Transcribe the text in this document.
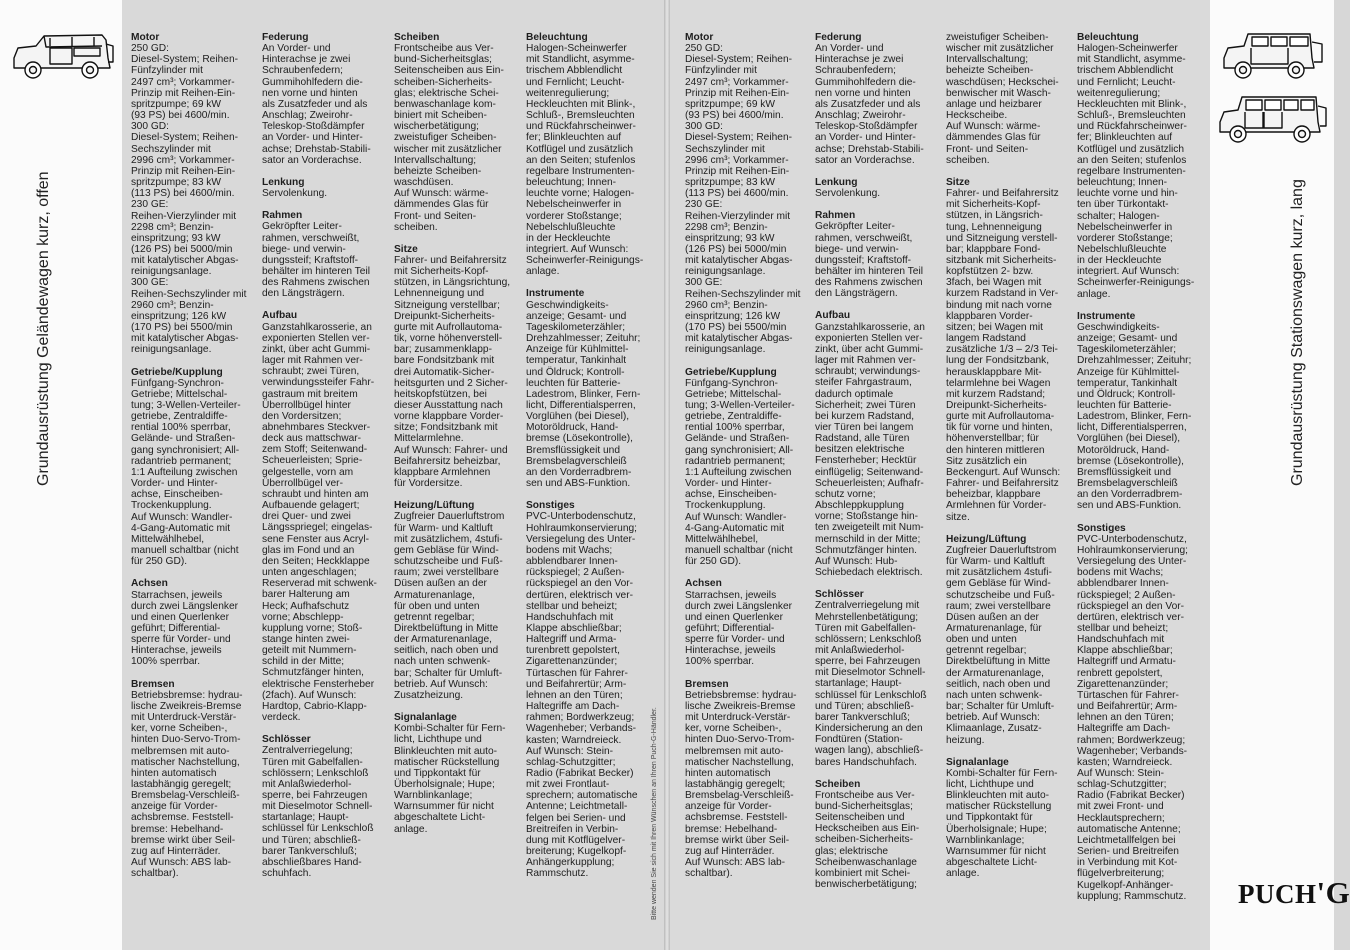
Grundausrüstung Geländewagen kurz, offen	Grundausrüstung Stationswagen kurz, lang
Bitte wenden Sie sich mit Ihren Wünschen an Ihren Puch-G-Händler.
Motor
250 GD:
Diesel-System; Reihen-
Fünfzylinder mit
2497 cm³; Vorkammer-
Prinzip mit Reihen-Ein-
spritzpumpe; 69 kW
(93 PS) bei 4600/min.
300 GD:
Diesel-System; Reihen-
Sechszylinder mit
2996 cm³; Vorkammer-
Prinzip mit Reihen-Ein-
spritzpumpe; 83 kW
(113 PS) bei 4600/min.
230 GE:
Reihen-Vierzylinder mit
2298 cm³; Benzin-
einspritzung; 93 kW
(126 PS) bei 5000/min
mit katalytischer Abgas-
reinigungsanlage.
300 GE:
Reihen-Sechszylinder mit
2960 cm³; Benzin-
einspritzung; 126 kW
(170 PS) bei 5500/min
mit katalytischer Abgas-
reinigungsanlage.
Getriebe/Kupplung
Fünfgang-Synchron-
Getriebe; Mittelschal-
tung; 3-Wellen-Verteiler-
getriebe, Zentraldiffe-
rential 100% sperrbar,
Gelände- und Straßen-
gang synchronisiert; All-
radantrieb permanent;
1:1 Aufteilung zwischen
Vorder- und Hinter-
achse, Einscheiben-
Trockenkupplung.
Auf Wunsch: Wandler-
4-Gang-Automatic mit
Mittelwählhebel,
manuell schaltbar (nicht
für 250 GD).
Achsen
Starrachsen, jeweils
durch zwei Längslenker
und einen Querlenker
geführt; Differential-
sperre für Vorder- und
Hinterachse, jeweils
100% sperrbar.
Bremsen
Betriebsbremse: hydrau-
lische Zweikreis-Bremse
mit Unterdruck-Verstär-
ker, vorne Scheiben-,
hinten Duo-Servo-Trom-
melbremsen mit auto-
matischer Nachstellung,
hinten automatisch
lastabhängig geregelt;
Bremsbelag-Verschleiß-
anzeige für Vorder-
achsbremse. Feststell-
bremse: Hebelhand-
bremse wirkt über Seil-
zug auf Hinterräder.
Auf Wunsch: ABS lab-
schaltbar).
Federung
An Vorder- und
Hinterachse je zwei
Schraubenfedern;
Gummihohlfedern die-
nen vorne und hinten
als Zusatzfeder und als
Anschlag; Zweirohr-
Teleskop-Stoßdämpfer
an Vorder- und Hinter-
achse; Drehstab-Stabili-
sator an Vorderachse.
Lenkung
Servolenkung.
Rahmen
Gekröpfter Leiter-
rahmen, verschweißt,
biege- und verwin-
dungssteif; Kraftstoff-
behälter im hinteren Teil
des Rahmens zwischen
den Längsträgern.
Aufbau
Ganzstahlkarosserie, an
exponierten Stellen ver-
zinkt, über acht Gummi-
lager mit Rahmen ver-
schraubt; zwei Türen,
verwindungssteifer Fahr-
gastraum mit breitem
Überrollbügel hinter
den Vordersitzen;
abnehmbares Steckver-
deck aus mattschwar-
zem Stoff; Seitenwand-
Scheuerleisten; Sprie-
gelgestelle, vorn am
Überrollbügel ver-
schraubt und hinten am
Aufbauende gelagert;
drei Quer- und zwei
Längsspriegel; eingelas-
sene Fenster aus Acryl-
glas im Fond und an
den Seiten; Heckklappe
unten angeschlagen;
Reserverad mit schwenk-
barer Halterung am
Heck; Aufhafschutz
vorne; Abschlepp-
kupplung vorne; Stoß-
stange hinten zwei-
geteilt mit Nummern-
schild in der Mitte;
Schmutzfänger hinten,
elektrische Fensterheber
(2fach). Auf Wunsch:
Hardtop, Cabrio-Klapp-
verdeck.
Schlösser
Zentralverriegelung;
Türen mit Gabelfallen-
schlössern; Lenkschloß
mit Anlaßwiederhol-
sperre, bei Fahrzeugen
mit Dieselmotor Schnell-
startanlage; Haupt-
schlüssel für Lenkschloß
und Türen; abschließ-
barer Tankverschluß;
abschließbares Hand-
schuhfach.
Scheiben
Frontscheibe aus Ver-
bund-Sicherheitsglas;
Seitenscheiben aus Ein-
scheiben-Sicherheits-
glas; elektrische Schei-
benwaschanlage kom-
biniert mit Scheiben-
wischerbetätigung;
zweistufiger Scheiben-
wischer mit zusätzlicher
Intervallschaltung;
beheizte Scheiben-
waschdüsen.
Auf Wunsch: wärme-
dämmendes Glas für
Front- und Seiten-
scheiben.
Sitze
Fahrer- und Beifahrersitz
mit Sicherheits-Kopf-
stützen, in Längsrichtung,
Lehnenneigung und
Sitzneigung verstellbar;
Dreipunkt-Sicherheits-
gurte mit Aufrollautoma-
tik, vorne höhenverstell-
bar; zusammenklapp-
bare Fondsitzbank mit
drei Automatik-Sicher-
heitsgurten und 2 Sicher-
heitskopfstützen, bei
dieser Ausstattung nach
vorne klappbare Vorder-
sitze; Fondsitzbank mit
Mittelarmlehne.
Auf Wunsch: Fahrer- und
Beifahrersitz beheizbar,
klappbare Armlehnen
für Vordersitze.
Heizung/Lüftung
Zugfreier Dauerluftstrom
für Warm- und Kaltluft
mit zusätzlichem, 4stufi-
gem Gebläse für Wind-
schutzscheibe und Fuß-
raum; zwei verstellbare
Düsen außen an der
Armaturenanlage,
für oben und unten
getrennt regelbar;
Direktbelüftung in Mitte
der Armaturenanlage,
seitlich, nach oben und
nach unten schwenk-
bar; Schalter für Umluft-
betrieb. Auf Wunsch:
Zusatzheizung.
Signalanlage
Kombi-Schalter für Fern-
licht, Lichthupe und
Blinkleuchten mit auto-
matischer Rückstellung
und Tippkontakt für
Überholsignale; Hupe;
Warnblinkanlage;
Warnsummer für nicht
abgeschaltete Licht-
anlage.
Beleuchtung
Halogen-Scheinwerfer
mit Standlicht, asymme-
trischem Abblendlicht
und Fernlicht; Leucht-
weitenregulierung;
Heckleuchten mit Blink-,
Schluß-, Bremsleuchten
und Rückfahrscheinwer-
fer; Blinkleuchten auf
Kotflügel und zusätzlich
an den Seiten; stufenlos
regelbare Instrumenten-
beleuchtung; Innen-
leuchte vorne; Halogen-
Nebelscheinwerfer in
vorderer Stoßstange;
Nebelschlußleuchte
in der Heckleuchte
integriert. Auf Wunsch:
Scheinwerfer-Reinigungs-
anlage.
Instrumente
Geschwindigkeits-
anzeige; Gesamt- und
Tageskilometerzähler;
Drehzahlmesser; Zeituhr;
Anzeige für Kühlmittel-
temperatur, Tankinhalt
und Öldruck; Kontroll-
leuchten für Batterie-
Ladestrom, Blinker, Fern-
licht, Differentialsperren,
Vorglühen (bei Diesel),
Motoröldruck, Hand-
bremse (Lösekontrolle),
Bremsflüssigkeit und
Bremsbelagverschleiß
an den Vorderradbrem-
sen und ABS-Funktion.
Sonstiges
PVC-Unterbodenschutz,
Hohlraumkonservierung;
Versiegelung des Unter-
bodens mit Wachs;
abblendbarer Innen-
rückspiegel; 2 Außen-
rückspiegel an den Vor-
dertüren, elektrisch ver-
stellbar und beheizt;
Handschuhfach mit
Klappe abschließbar;
Haltegriff und Arma-
turenbrett gepolstert,
Zigarettenanzünder;
Türtaschen für Fahrer-
und Beifahrertür; Arm-
lehnen an den Türen;
Haltegriffe am Dach-
rahmen; Bordwerkzeug;
Wagenheber; Verbands-
kasten; Warndreieck.
Auf Wunsch: Stein-
schlag-Schutzgitter;
Radio (Fabrikat Becker)
mit zwei Frontlaut-
sprechern; automatische
Antenne; Leichtmetall-
felgen bei Serien- und
Breitreifen in Verbin-
dung mit Kotflügelver-
breiterung; Kugelkopf-
Anhängerkupplung;
Rammschutz.
Motor
250 GD:
Diesel-System; Reihen-
Fünfzylinder mit
2497 cm³; Vorkammer-
Prinzip mit Reihen-Ein-
spritzpumpe; 69 kW
(93 PS) bei 4600/min.
300 GD:
Diesel-System; Reihen-
Sechszylinder mit
2996 cm³; Vorkammer-
Prinzip mit Reihen-Ein-
spritzpumpe; 83 kW
(113 PS) bei 4600/min.
230 GE:
Reihen-Vierzylinder mit
2298 cm³; Benzin-
einspritzung; 93 kW
(126 PS) bei 5000/min
mit katalytischer Abgas-
reinigungsanlage.
300 GE:
Reihen-Sechszylinder mit
2960 cm³; Benzin-
einspritzung; 126 kW
(170 PS) bei 5500/min
mit katalytischer Abgas-
reinigungsanlage.
Getriebe/Kupplung
Fünfgang-Synchron-
Getriebe; Mittelschal-
tung; 3-Wellen-Verteiler-
getriebe, Zentraldiffe-
rential 100% sperrbar,
Gelände- und Straßen-
gang synchronisiert; All-
radantrieb permanent;
1:1 Aufteilung zwischen
Vorder- und Hinter-
achse, Einscheiben-
Trockenkupplung.
Auf Wunsch: Wandler-
4-Gang-Automatic mit
Mittelwählhebel,
manuell schaltbar (nicht
für 250 GD).
Achsen
Starrachsen, jeweils
durch zwei Längslenker
und einen Querlenker
geführt; Differential-
sperre für Vorder- und
Hinterachse, jeweils
100% sperrbar.
Bremsen
Betriebsbremse: hydrau-
lische Zweikreis-Bremse
mit Unterdruck-Verstär-
ker, vorne Scheiben-,
hinten Duo-Servo-Trom-
melbremsen mit auto-
matischer Nachstellung,
hinten automatisch
lastabhängig geregelt;
Bremsbelag-Verschleiß-
anzeige für Vorder-
achsbremse. Feststell-
bremse: Hebelhand-
bremse wirkt über Seil-
zug auf Hinterräder.
Auf Wunsch: ABS lab-
schaltbar).
Federung
An Vorder- und
Hinterachse je zwei
Schraubenfedern;
Gummihohlfedern die-
nen vorne und hinten
als Zusatzfeder und als
Anschlag; Zweirohr-
Teleskop-Stoßdämpfer
an Vorder- und Hinter-
achse; Drehstab-Stabili-
sator an Vorderachse.
Lenkung
Servolenkung.
Rahmen
Gekröpfter Leiter-
rahmen, verschweißt,
biege- und verwin-
dungssteif; Kraftstoff-
behälter im hinteren Teil
des Rahmens zwischen
den Längsträgern.
Aufbau
Ganzstahlkarosserie, an
exponierten Stellen ver-
zinkt, über acht Gummi-
lager mit Rahmen ver-
schraubt; verwindungs-
steifer Fahrgastraum,
dadurch optimale
Sicherheit; zwei Türen
bei kurzem Radstand,
vier Türen bei langem
Radstand, alle Türen
besitzen elektrische
Fensterheber; Hecktür
einflügelig; Seitenwand-
Scheuerleisten; Aufhafr-
schutz vorne;
Abschleppkupplung
vorne; Stoßstange hin-
ten zweigeteilt mit Num-
mernschild in der Mitte;
Schmutzfänger hinten.
Auf Wunsch: Hub-
Schiebedach elektrisch.
Schlösser
Zentralverriegelung mit
Mehrstellenbetätigung;
Türen mit Gabelfallen-
schlössern; Lenkschloß
mit Anlaßwiederhol-
sperre, bei Fahrzeugen
mit Dieselmotor Schnell-
startanlage; Haupt-
schlüssel für Lenkschloß
und Türen; abschließ-
barer Tankverschluß;
Kindersicherung an den
Fondtüren (Station-
wagen lang), abschließ-
bares Handschuhfach.
Scheiben
Frontscheibe aus Ver-
bund-Sicherheitsglas;
Seitenscheiben und
Heckscheiben aus Ein-
scheiben-Sicherheits-
glas; elektrische
Scheibenwaschanlage
kombiniert mit Schei-
benwischerbetätigung;
zweistufiger Scheiben-
wischer mit zusätzlicher
Intervallschaltung;
beheizte Scheiben-
waschdüsen; Heckschei-
benwischer mit Wasch-
anlage und heizbarer
Heckscheibe.
Auf Wunsch: wärme-
dämmendes Glas für
Front- und Seiten-
scheiben.
Sitze
Fahrer- und Beifahrersitz
mit Sicherheits-Kopf-
stützen, in Längsrich-
tung, Lehnenneigung
und Sitzneigung verstell-
bar; klappbare Fond-
sitzbank mit Sicherheits-
kopfstützen 2- bzw.
3fach, bei Wagen mit
kurzem Radstand in Ver-
bindung mit nach vorne
klappbaren Vorder-
sitzen; bei Wagen mit
langem Radstand
zusätzliche 1/3 – 2/3 Tei-
lung der Fondsitzbank,
herausklappbare Mit-
telarmlehne bei Wagen
mit kurzem Radstand;
Dreipunkt-Sicherheits-
gurte mit Aufrollautoma-
tik für vorne und hinten,
höhenverstellbar; für
den hinteren mittleren
Sitz zusätzlich ein
Beckengurt. Auf Wunsch:
Fahrer- und Beifahrersitz
beheizbar, klappbare
Armlehnen für Vorder-
sitze.
Heizung/Lüftung
Zugfreier Dauerluftstrom
für Warm- und Kaltluft
mit zusätzlichem 4stufi-
gem Gebläse für Wind-
schutzscheibe und Fuß-
raum; zwei verstellbare
Düsen außen an der
Armaturenanlage, für
oben und unten
getrennt regelbar;
Direktbelüftung in Mitte
der Armaturenanlage,
seitlich, nach oben und
nach unten schwenk-
bar; Schalter für Umluft-
betrieb. Auf Wunsch:
Klimaanlage, Zusatz-
heizung.
Signalanlage
Kombi-Schalter für Fern-
licht, Lichthupe und
Blinkleuchten mit auto-
matischer Rückstellung
und Tippkontakt für
Überholsignale; Hupe;
Warnblinkanlage;
Warnsummer für nicht
abgeschaltete Licht-
anlage.
Beleuchtung
Halogen-Scheinwerfer
mit Standlicht, asymme-
trischem Abblendlicht
und Fernlicht; Leucht-
weitenregulierung;
Heckleuchten mit Blink-,
Schluß-, Bremsleuchten
und Rückfahrscheinwer-
fer; Blinkleuchten auf
Kotflügel und zusätzlich
an den Seiten; stufenlos
regelbare Instrumenten-
beleuchtung; Innen-
leuchte vorne und hin-
ten über Türkontakt-
schalter; Halogen-
Nebelscheinwerfer in
vorderer Stoßstange;
Nebelschlußleuchte
in der Heckleuchte
integriert. Auf Wunsch:
Scheinwerfer-Reinigungs-
anlage.
Instrumente
Geschwindigkeits-
anzeige; Gesamt- und
Tageskilometerzähler;
Drehzahlmesser; Zeituhr;
Anzeige für Kühlmittel-
temperatur, Tankinhalt
und Öldruck; Kontroll-
leuchten für Batterie-
Ladestrom, Blinker, Fern-
licht, Differentialsperren,
Vorglühen (bei Diesel),
Motoröldruck, Hand-
bremse (Lösekontrolle),
Bremsflüssigkeit und
Bremsbelagverschleiß
an den Vorderradbrem-
sen und ABS-Funktion.
Sonstiges
PVC-Unterbodenschutz,
Hohlraumkonservierung;
Versiegelung des Unter-
bodens mit Wachs;
abblendbarer Innen-
rückspiegel; 2 Außen-
rückspiegel an den Vor-
dertüren, elektrisch ver-
stellbar und beheizt;
Handschuhfach mit
Klappe abschließbar;
Haltegriff und Armatu-
renbrett gepolstert,
Zigarettenanzünder;
Türtaschen für Fahrer-
und Beifahrertür; Arm-
lehnen an den Türen;
Haltegriffe am Dach-
rahmen; Bordwerkzeug;
Wagenheber; Verbands-
kasten; Warndreieck.
Auf Wunsch: Stein-
schlag-Schutzgitter;
Radio (Fabrikat Becker)
mit zwei Front- und
Hecklautsprechern;
automatische Antenne;
Leichtmetallfelgen bei
Serien- und Breitreifen
in Verbindung mit Kot-
flügelverbreiterung;
Kugelkopf-Anhänger-
kupplung; Rammschutz.	PUCH'G
